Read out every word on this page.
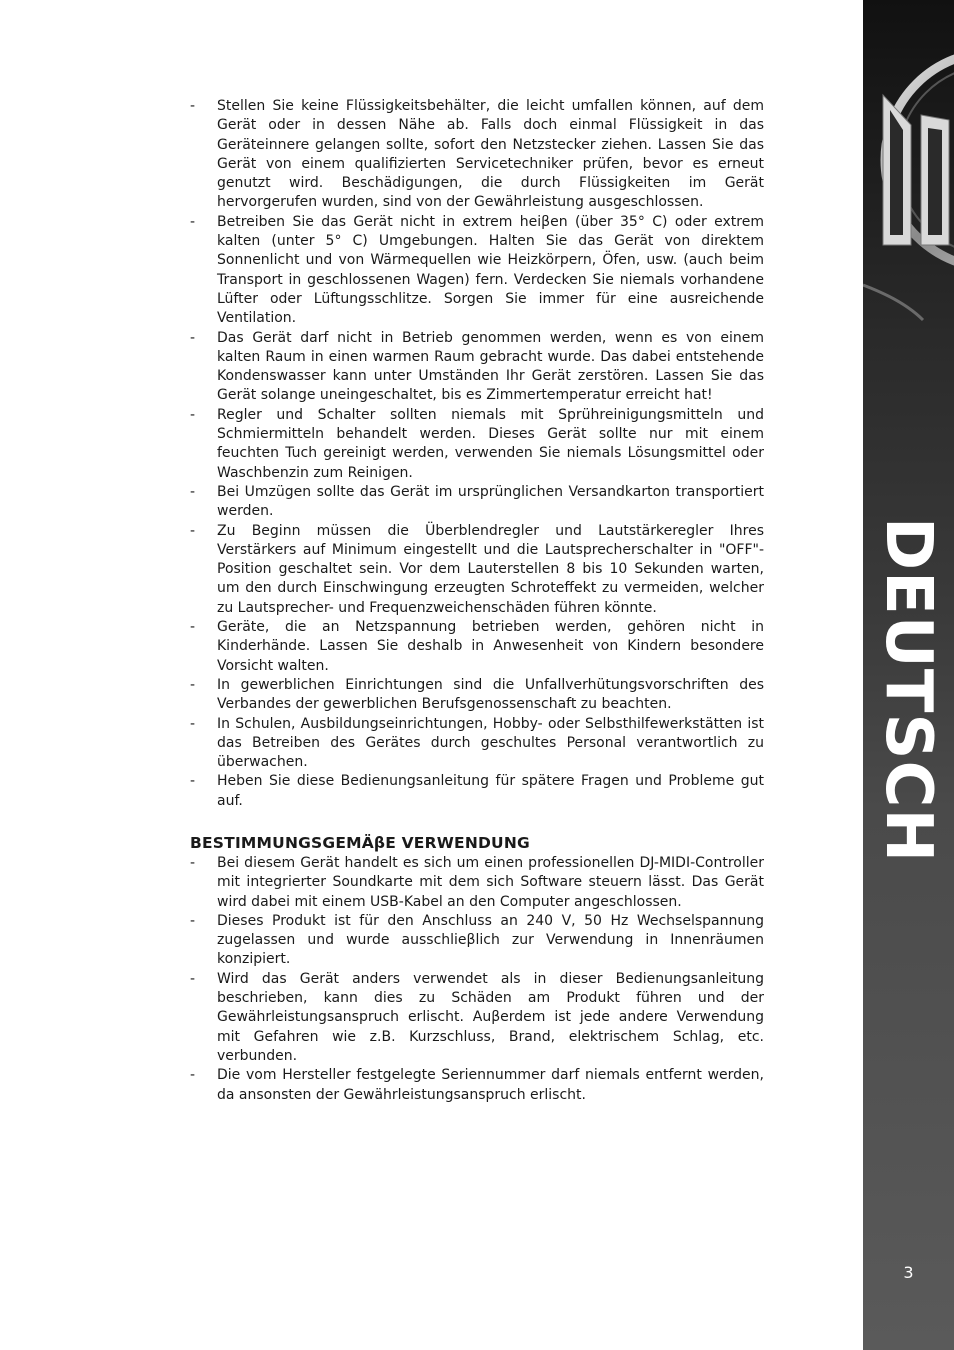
- Stellen Sie keine Flüssigkeitsbehälter, die leicht umfallen können, auf dem Gerät oder in dessen Nähe ab. Falls doch einmal Flüssigkeit in das Geräteinnere gelangen sollte, sofort den Netzstecker ziehen. Lassen Sie das Gerät von einem qualifizierten Servicetechniker prüfen, bevor es erneut genutzt wird. Beschädigungen, die durch Flüssigkeiten im Gerät hervorgerufen wurden, sind von der Gewährleistung ausgeschlossen.
- Betreiben Sie das Gerät nicht in extrem heiβen (über 35° C) oder extrem kalten (unter 5° C) Umgebungen. Halten Sie das Gerät von direktem Sonnenlicht und von Wärmequellen wie Heizkörpern, Öfen, usw. (auch beim Transport in geschlossenen Wagen) fern. Verdecken Sie niemals vorhandene Lüfter oder Lüftungsschlitze. Sorgen Sie immer für eine ausreichende Ventilation.
- Das Gerät darf nicht in Betrieb genommen werden, wenn es von einem kalten Raum in einen warmen Raum gebracht wurde. Das dabei entstehende Kondenswasser kann unter Umständen Ihr Gerät zerstören. Lassen Sie das Gerät solange uneingeschaltet, bis es Zimmertemperatur erreicht hat!
- Regler und Schalter sollten niemals mit Sprühreinigungsmitteln und Schmiermitteln behandelt werden. Dieses Gerät sollte nur mit einem feuchten Tuch gereinigt werden, verwenden Sie niemals Lösungsmittel oder Waschbenzin zum Reinigen.
- Bei Umzügen sollte das Gerät im ursprünglichen Versandkarton transportiert werden.
- Zu Beginn müssen die Überblendregler und Lautstärkeregler Ihres Verstärkers auf Minimum eingestellt und die Lautsprecherschalter in "OFF"-Position geschaltet sein. Vor dem Lauterstellen 8 bis 10 Sekunden warten, um den durch Einschwingung erzeugten Schroteffekt zu vermeiden, welcher zu Lautsprecher- und Frequenzweichenschäden führen könnte.
- Geräte, die an Netzspannung betrieben werden, gehören nicht in Kinderhände. Lassen Sie deshalb in Anwesenheit von Kindern besondere Vorsicht walten.
- In gewerblichen Einrichtungen sind die Unfallverhütungsvorschriften des Verbandes der gewerblichen Berufsgenossenschaft zu beachten.
- In Schulen, Ausbildungseinrichtungen, Hobby- oder Selbsthilfewerkstätten ist das Betreiben des Gerätes durch geschultes Personal verantwortlich zu überwachen.
- Heben Sie diese Bedienungsanleitung für spätere Fragen und Probleme gut auf.
BESTIMMUNGSGEMÄβE VERWENDUNG
- Bei diesem Gerät handelt es sich um einen professionellen DJ-MIDI-Controller mit integrierter Soundkarte mit dem sich Software steuern lässt. Das Gerät wird dabei mit einem USB-Kabel an den Computer angeschlossen.
- Dieses Produkt ist für den Anschluss an 240 V, 50 Hz Wechselspannung zugelassen und wurde ausschlieβlich zur Verwendung in Innenräumen konzipiert.
- Wird das Gerät anders verwendet als in dieser Bedienungsanleitung beschrieben, kann dies zu Schäden am Produkt führen und der Gewährleistungsanspruch erlischt. Auβerdem ist jede andere Verwendung mit Gefahren wie z.B. Kurzschluss, Brand, elektrischem Schlag, etc. verbunden.
- Die vom Hersteller festgelegte Seriennummer darf niemals entfernt werden, da ansonsten der Gewährleistungsanspruch erlischt.
DEUTSCH
3
